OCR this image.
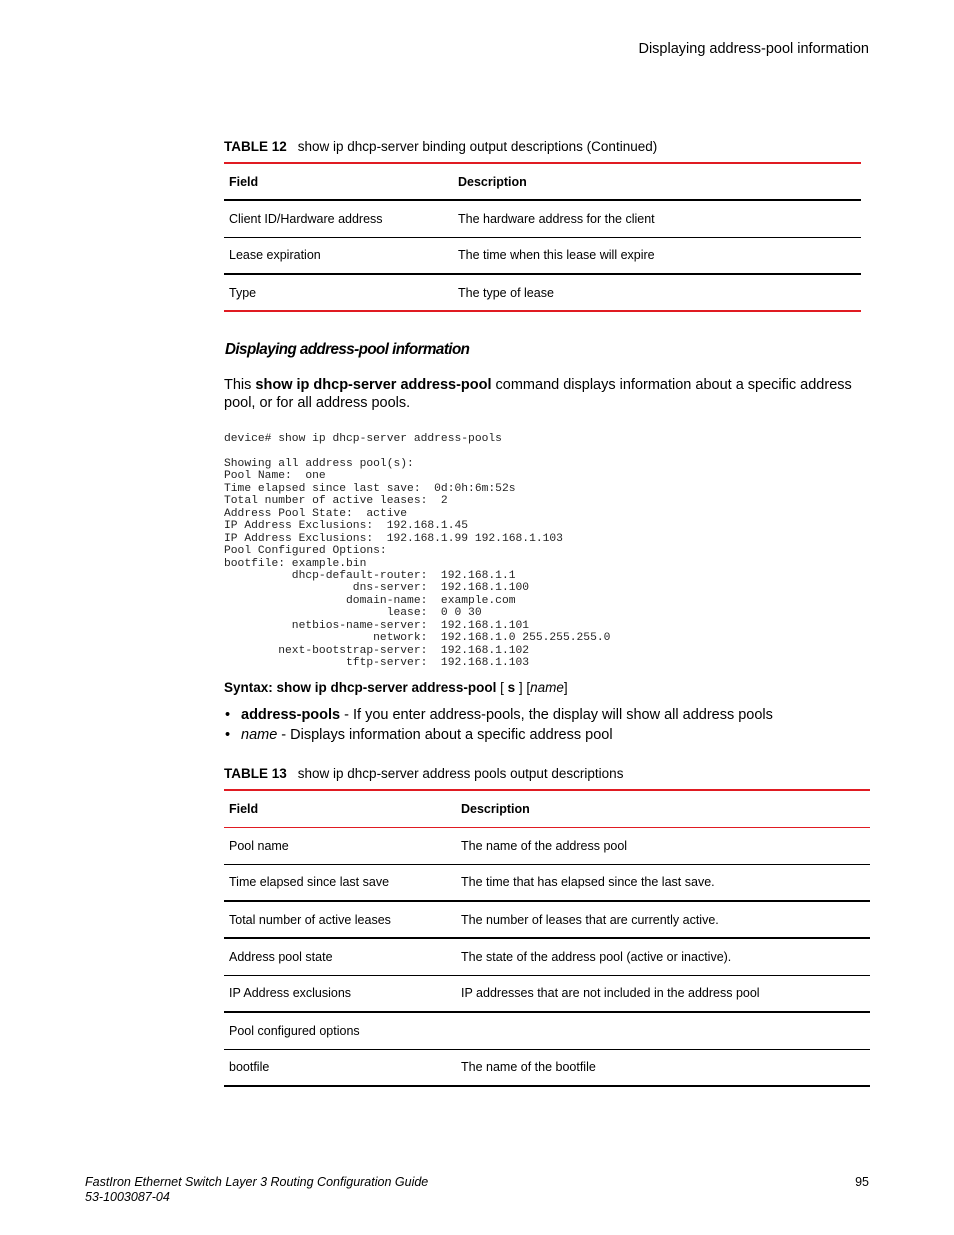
Displaying address-pool information
TABLE 12 show ip dhcp-server binding output descriptions (Continued)
Field	Description
Client ID/Hardware address	The hardware address for the client
Lease expiration	The time when this lease will expire
Type	The type of lease
Displaying address-pool information
This show ip dhcp-server address-pool command displays information about a specific address pool, or for all address pools.
device# show ip dhcp-server address-pools

Showing all address pool(s):
Pool Name:  one
Time elapsed since last save:  0d:0h:6m:52s
Total number of active leases:  2
Address Pool State:  active
IP Address Exclusions:  192.168.1.45
IP Address Exclusions:  192.168.1.99 192.168.1.103
Pool Configured Options:
bootfile: example.bin
dhcp-default-router:  192.168.1.1
dns-server:  192.168.1.100
domain-name:  example.com
lease:  0 0 30
netbios-name-server:  192.168.1.101
network:  192.168.1.0 255.255.255.0
next-bootstrap-server:  192.168.1.102
tftp-server:  192.168.1.103
Syntax: show ip dhcp-server address-pool [ s ] [name]
• address-pools - If you enter address-pools, the display will show all address pools
• name - Displays information about a specific address pool
TABLE 13 show ip dhcp-server address pools output descriptions
Field	Description
Pool name	The name of the address pool
Time elapsed since last save	The time that has elapsed since the last save.
Total number of active leases	The number of leases that are currently active.
Address pool state	The state of the address pool (active or inactive).
IP Address exclusions	IP addresses that are not included in the address pool
Pool configured options	
bootfile	The name of the bootfile
FastIron Ethernet Switch Layer 3 Routing Configuration Guide
53-1003087-04
95
